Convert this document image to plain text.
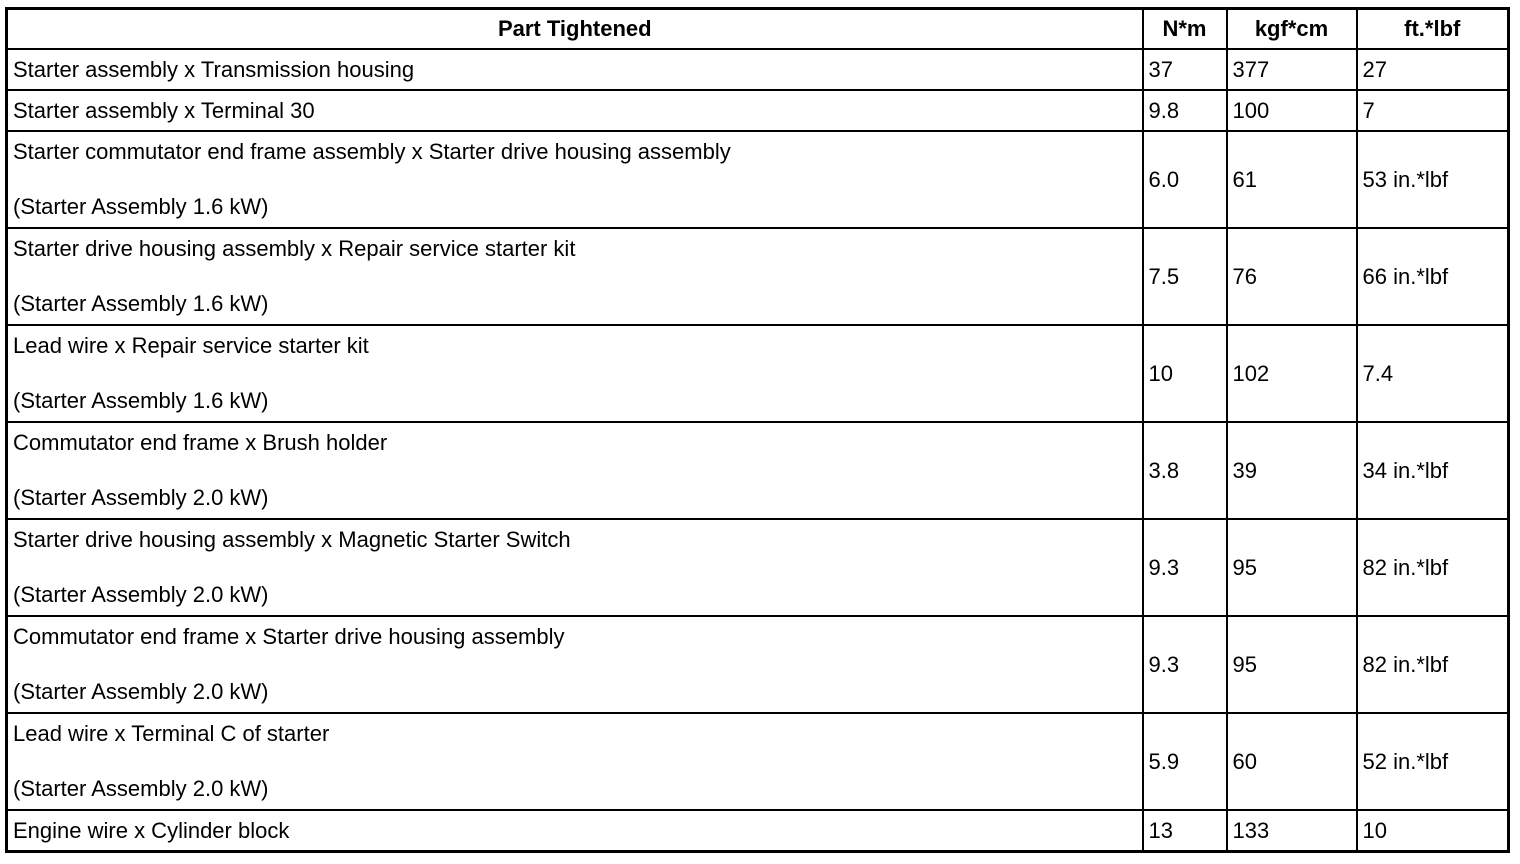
Part Tightened	N*m	kgf*cm	ft.*lbf

Starter assembly x Transmission housing	37	377	27

Starter assembly x Terminal 30	9.8	100	7

Starter commutator end frame assembly x Starter drive housing assembly
(Starter Assembly 1.6 kW)	6.0	61	53 in.*lbf

Starter drive housing assembly x Repair service starter kit
(Starter Assembly 1.6 kW)	7.5	76	66 in.*lbf

Lead wire x Repair service starter kit
(Starter Assembly 1.6 kW)	10	102	7.4

Commutator end frame x Brush holder
(Starter Assembly 2.0 kW)	3.8	39	34 in.*lbf

Starter drive housing assembly x Magnetic Starter Switch
(Starter Assembly 2.0 kW)	9.3	95	82 in.*lbf

Commutator end frame x Starter drive housing assembly
(Starter Assembly 2.0 kW)	9.3	95	82 in.*lbf

Lead wire x Terminal C of starter
(Starter Assembly 2.0 kW)	5.9	60	52 in.*lbf

Engine wire x Cylinder block	13	133	10
